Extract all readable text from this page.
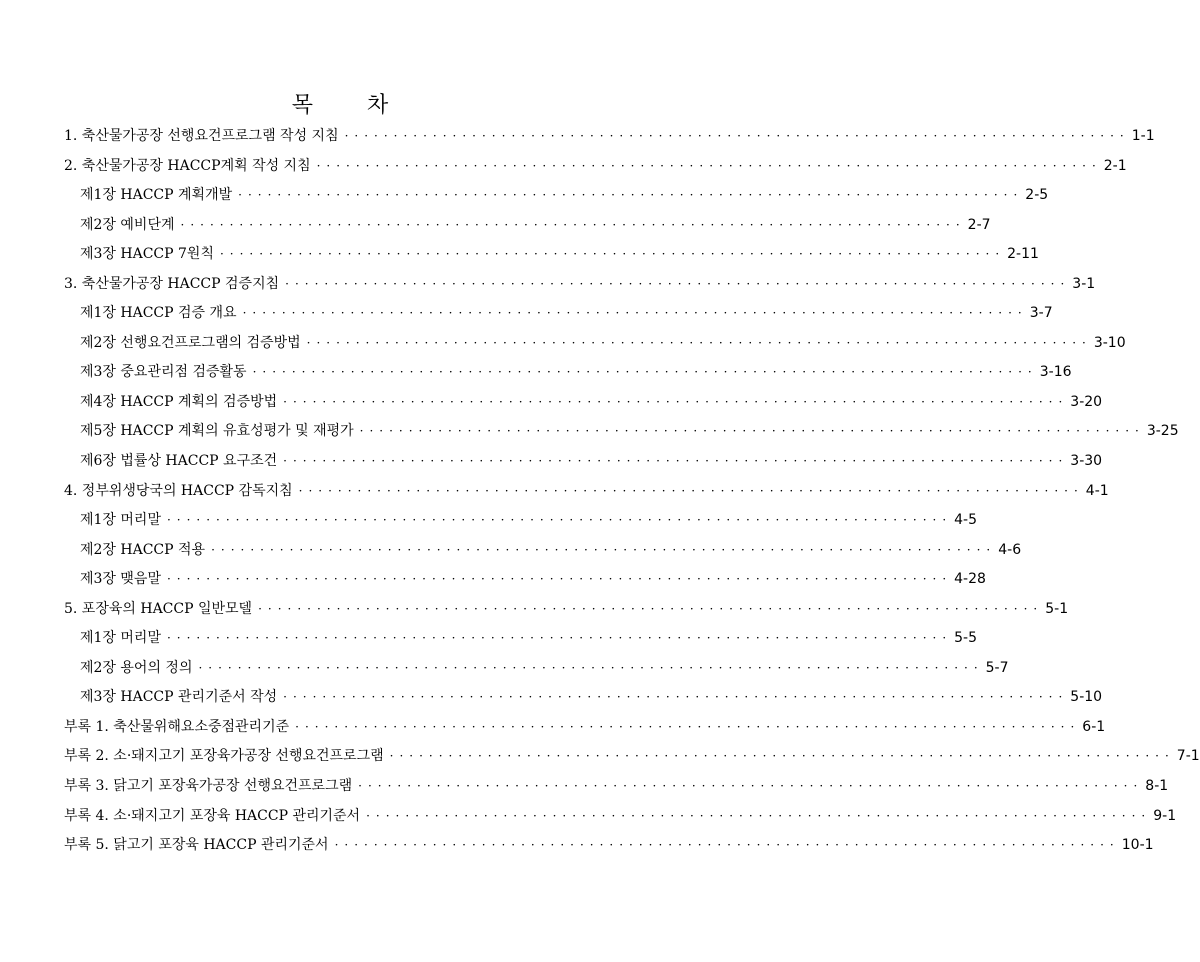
목 차
1. 축산물가공장 선행요건프로그램 작성 지침 ················································································ 1-1
2. 축산물가공장 HACCP계획 작성 지침 ················································································ 2-1
제1장 HACCP 계획개발 ················································································ 2-5
제2장 예비단계 ················································································ 2-7
제3장 HACCP 7원칙 ················································································ 2-11
3. 축산물가공장 HACCP 검증지침 ················································································ 3-1
제1장 HACCP 검증 개요 ················································································ 3-7
제2장 선행요건프로그램의 검증방법 ················································································ 3-10
제3장 중요관리점 검증활동 ················································································ 3-16
제4장 HACCP 계획의 검증방법 ················································································ 3-20
제5장 HACCP 계획의 유효성평가 및 재평가 ················································································ 3-25
제6장 법률상 HACCP 요구조건 ················································································ 3-30
4. 정부위생당국의 HACCP 감독지침 ················································································ 4-1
제1장 머리말 ················································································ 4-5
제2장 HACCP 적용 ················································································ 4-6
제3장 맺음말 ················································································ 4-28
5. 포장육의 HACCP 일반모델 ················································································ 5-1
제1장 머리말 ················································································ 5-5
제2장 용어의 정의 ················································································ 5-7
제3장 HACCP 관리기준서 작성 ················································································ 5-10
부록 1. 축산물위해요소중점관리기준 ················································································ 6-1
부록 2. 소·돼지고기 포장육가공장 선행요건프로그램 ················································································ 7-1
부록 3. 닭고기 포장육가공장 선행요건프로그램 ················································································ 8-1
부록 4. 소·돼지고기 포장육 HACCP 관리기준서 ················································································ 9-1
부록 5. 닭고기 포장육 HACCP 관리기준서 ················································································ 10-1
